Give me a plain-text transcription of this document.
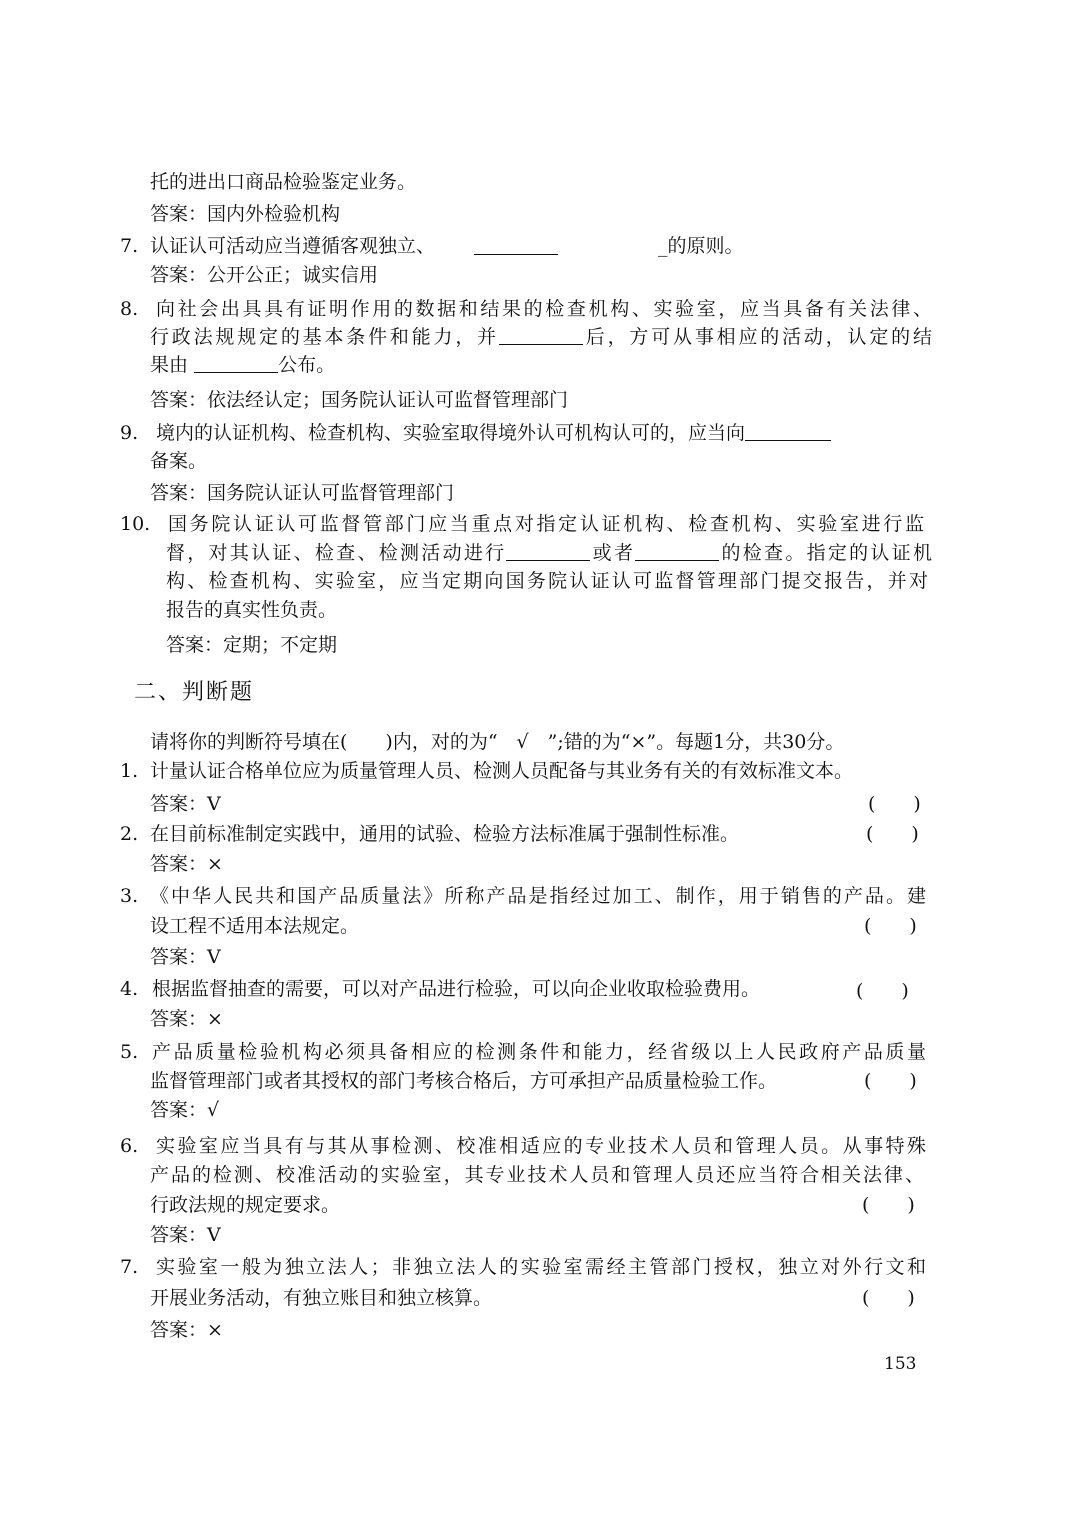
托的进出口商品检验鉴定业务。
答案：国内外检验机构
7. 认证认可活动应当遵循客观独立、	_的原则。
答案：公开公正；诚实信用
8. 向社会出具具有证明作用的数据和结果的检查机构、实验室，应当具备有关法律、
行政法规规定的基本条件和能力，并	后，方可从事相应的活动，认定的结
果由	公布。
答案：依法经认定；国务院认证认可监督管理部门
9. 境内的认证机构、检查机构、实验室取得境外认可机构认可的，应当向
备案。
答案：国务院认证认可监督管理部门
10. 国务院认证认可监督管部门应当重点对指定认证机构、检查机构、实验室进行监
督，对其认证、检查、检测活动进行	或者	的检查。指定的认证机
构、检查机构、实验室，应当定期向国务院认证认可监督管理部门提交报告，并对
报告的真实性负责。
答案：定期；不定期
二、判断题
请将你的判断符号填在(　　)内，对的为“　√　”;错的为“×”。每题1分，共30分。
1. 计量认证合格单位应为质量管理人员、检测人员配备与其业务有关的有效标准文本。
答案：V	(　　)
2. 在目前标准制定实践中，通用的试验、检验方法标准属于强制性标准。	(　　)
答案：×
3. 《中华人民共和国产品质量法》所称产品是指经过加工、制作，用于销售的产品。建
设工程不适用本法规定。	(　　)
答案：V
4. 根据监督抽查的需要，可以对产品进行检验，可以向企业收取检验费用。	(　　)
答案：×
5. 产品质量检验机构必须具备相应的检测条件和能力，经省级以上人民政府产品质量
监督管理部门或者其授权的部门考核合格后，方可承担产品质量检验工作。	(　　)
答案：√
6. 实验室应当具有与其从事检测、校准相适应的专业技术人员和管理人员。从事特殊
产品的检测、校准活动的实验室，其专业技术人员和管理人员还应当符合相关法律、
行政法规的规定要求。	(　　)
答案：V
7. 实验室一般为独立法人；非独立法人的实验室需经主管部门授权，独立对外行文和
开展业务活动，有独立账目和独立核算。	(　　)
答案：×
153
